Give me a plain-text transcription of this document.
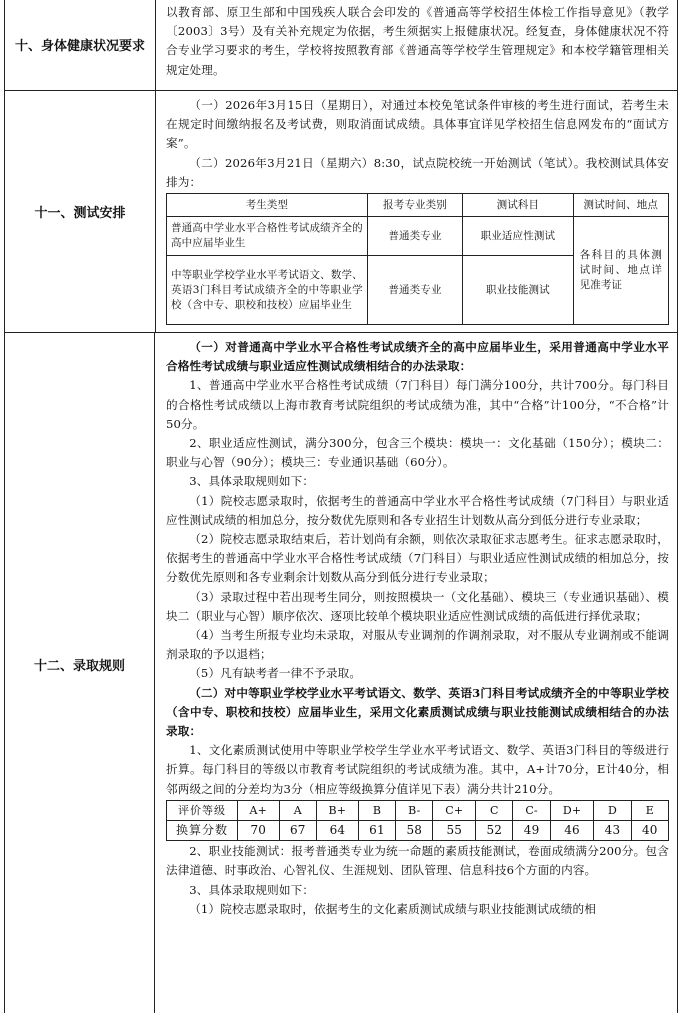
十、身体健康状况要求

以教育部、原卫生部和中国残疾人联合会印发的《普通高等学校招生体检工作指导意见》（教学〔2003〕3号）及有关补充规定为依据，考生须据实上报健康状况。经复查，身体健康状况不符合专业学习要求的考生，学校将按照教育部《普通高等学校学生管理规定》和本校学籍管理相关规定处理。

十一、测试安排

（一）2026年3月15日（星期日），对通过本校免笔试条件审核的考生进行面试，若考生未在规定时间缴纳报名及考试费，则取消面试成绩。具体事宜详见学校招生信息网发布的“面试方案”。

（二）2026年3月21日（星期六）8:30，试点院校统一开始测试（笔试）。我校测试具体安排为：

考生类型	报考专业类别	测试科目	测试时间、地点
普通高中学业水平合格性考试成绩齐全的高中应届毕业生	普通类专业	职业适应性测试	各科目的具体测试时间、地点详见准考证
中等职业学校学业水平考试语文、数学、英语3门科目考试成绩齐全的中等职业学校（含中专、职校和技校）应届毕业生	普通类专业	职业技能测试	
十二、录取规则

（一）对普通高中学业水平合格性考试成绩齐全的高中应届毕业生，采用普通高中学业水平合格性考试成绩与职业适应性测试成绩相结合的办法录取：

1、普通高中学业水平合格性考试成绩（7门科目）每门满分100分，共计700分。每门科目的合格性考试成绩以上海市教育考试院组织的考试成绩为准，其中“合格”计100分，“不合格”计50分。

2、职业适应性测试，满分300分，包含三个模块：模块一：文化基础（150分）；模块二：职业与心智（90分）；模块三：专业通识基础（60分）。

3、具体录取规则如下：

（1）院校志愿录取时，依据考生的普通高中学业水平合格性考试成绩（7门科目）与职业适应性测试成绩的相加总分，按分数优先原则和各专业招生计划数从高分到低分进行专业录取；

（2）院校志愿录取结束后，若计划尚有余额，则依次录取征求志愿考生。征求志愿录取时，依据考生的普通高中学业水平合格性考试成绩（7门科目）与职业适应性测试成绩的相加总分，按分数优先原则和各专业剩余计划数从高分到低分进行专业录取；

（3）录取过程中若出现考生同分，则按照模块一（文化基础）、模块三（专业通识基础）、模块二（职业与心智）顺序依次、逐项比较单个模块职业适应性测试成绩的高低进行择优录取；

（4）当考生所报专业均未录取，对服从专业调剂的作调剂录取，对不服从专业调剂或不能调剂录取的予以退档；

（5）凡有缺考者一律不予录取。

（二）对中等职业学校学业水平考试语文、数学、英语3门科目考试成绩齐全的中等职业学校（含中专、职校和技校）应届毕业生，采用文化素质测试成绩与职业技能测试成绩相结合的办法录取：

1、文化素质测试使用中等职业学校学生学业水平考试语文、数学、英语3门科目的等级进行折算。每门科目的等级以市教育考试院组织的考试成绩为准。其中，A+计70分，E计40分，相邻两级之间的分差均为3分（相应等级换算分值详见下表）满分共计210分。

评价等级	A+	A	B+	B	B-	C+	C	C-	D+	D	E
换算分数	70	67	64	61	58	55	52	49	46	43	40

2、职业技能测试：报考普通类专业为统一命题的素质技能测试，卷面成绩满分200分。包含法律道德、时事政治、心智礼仪、生涯规划、团队管理、信息科技6个方面的内容。

3、具体录取规则如下：

（1）院校志愿录取时，依据考生的文化素质测试成绩与职业技能测试成绩的相
